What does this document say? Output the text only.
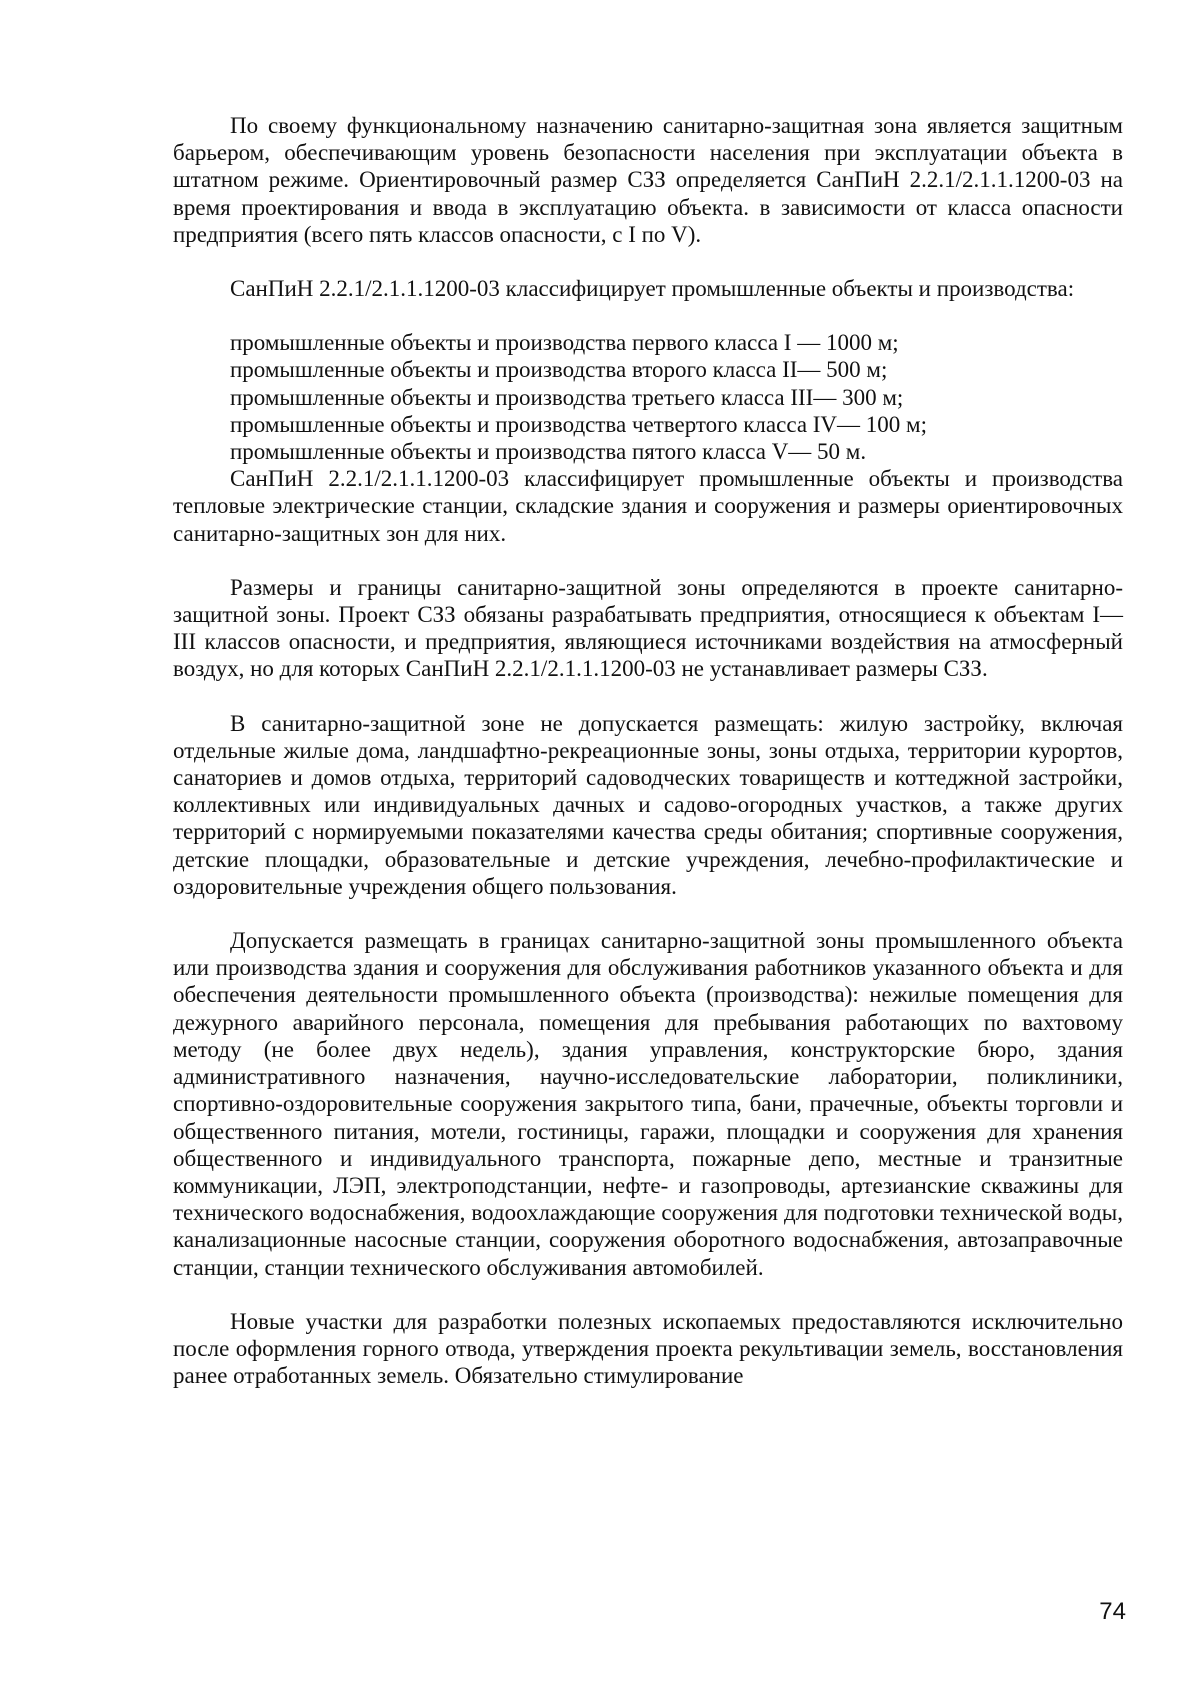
По своему функциональному назначению санитарно-защитная зона является защитным барьером, обеспечивающим уровень безопасности населения при эксплуатации объекта в штатном режиме. Ориентировочный размер СЗЗ определяется СанПиН 2.2.1/2.1.1.1200-03 на время проектирования и ввода в эксплуатацию объекта. в зависимости от класса опасности предприятия (всего пять классов опасности, с I по V).

СанПиН 2.2.1/2.1.1.1200-03 классифицирует промышленные объекты и производства:

промышленные объекты и производства первого класса I — 1000 м;
промышленные объекты и производства второго класса II— 500 м;
промышленные объекты и производства третьего класса III— 300 м;
промышленные объекты и производства четвертого класса IV— 100 м;
промышленные объекты и производства пятого класса V— 50 м.

СанПиН 2.2.1/2.1.1.1200-03 классифицирует промышленные объекты и производства тепловые электрические станции, складские здания и сооружения и размеры ориентировочных санитарно-защитных зон для них.

Размеры и границы санитарно-защитной зоны определяются в проекте санитарно-защитной зоны. Проект СЗЗ обязаны разрабатывать предприятия, относящиеся к объектам I—III классов опасности, и предприятия, являющиеся источниками воздействия на атмосферный воздух, но для которых СанПиН 2.2.1/2.1.1.1200-03 не устанавливает размеры СЗЗ.

В санитарно-защитной зоне не допускается размещать: жилую застройку, включая отдельные жилые дома, ландшафтно-рекреационные зоны, зоны отдыха, территории курортов, санаториев и домов отдыха, территорий садоводческих товариществ и коттеджной застройки, коллективных или индивидуальных дачных и садово-огородных участков, а также других территорий с нормируемыми показателями качества среды обитания; спортивные сооружения, детские площадки, образовательные и детские учреждения, лечебно-профилактические и оздоровительные учреждения общего пользования.

Допускается размещать в границах санитарно-защитной зоны промышленного объекта или производства здания и сооружения для обслуживания работников указанного объекта и для обеспечения деятельности промышленного объекта (производства): нежилые помещения для дежурного аварийного персонала, помещения для пребывания работающих по вахтовому методу (не более двух недель), здания управления, конструкторские бюро, здания административного назначения, научно-исследовательские лаборатории, поликлиники, спортивно-оздоровительные сооружения закрытого типа, бани, прачечные, объекты торговли и общественного питания, мотели, гостиницы, гаражи, площадки и сооружения для хранения общественного и индивидуального транспорта, пожарные депо, местные и транзитные коммуникации, ЛЭП, электроподстанции, нефте- и газопроводы, артезианские скважины для технического водоснабжения, водоохлаждающие сооружения для подготовки технической воды, канализационные насосные станции, сооружения оборотного водоснабжения, автозаправочные станции, станции технического обслуживания автомобилей.

Новые участки для разработки полезных ископаемых предоставляются исключительно после оформления горного отвода, утверждения проекта рекультивации земель, восстановления ранее отработанных земель. Обязательно стимулирование

74
